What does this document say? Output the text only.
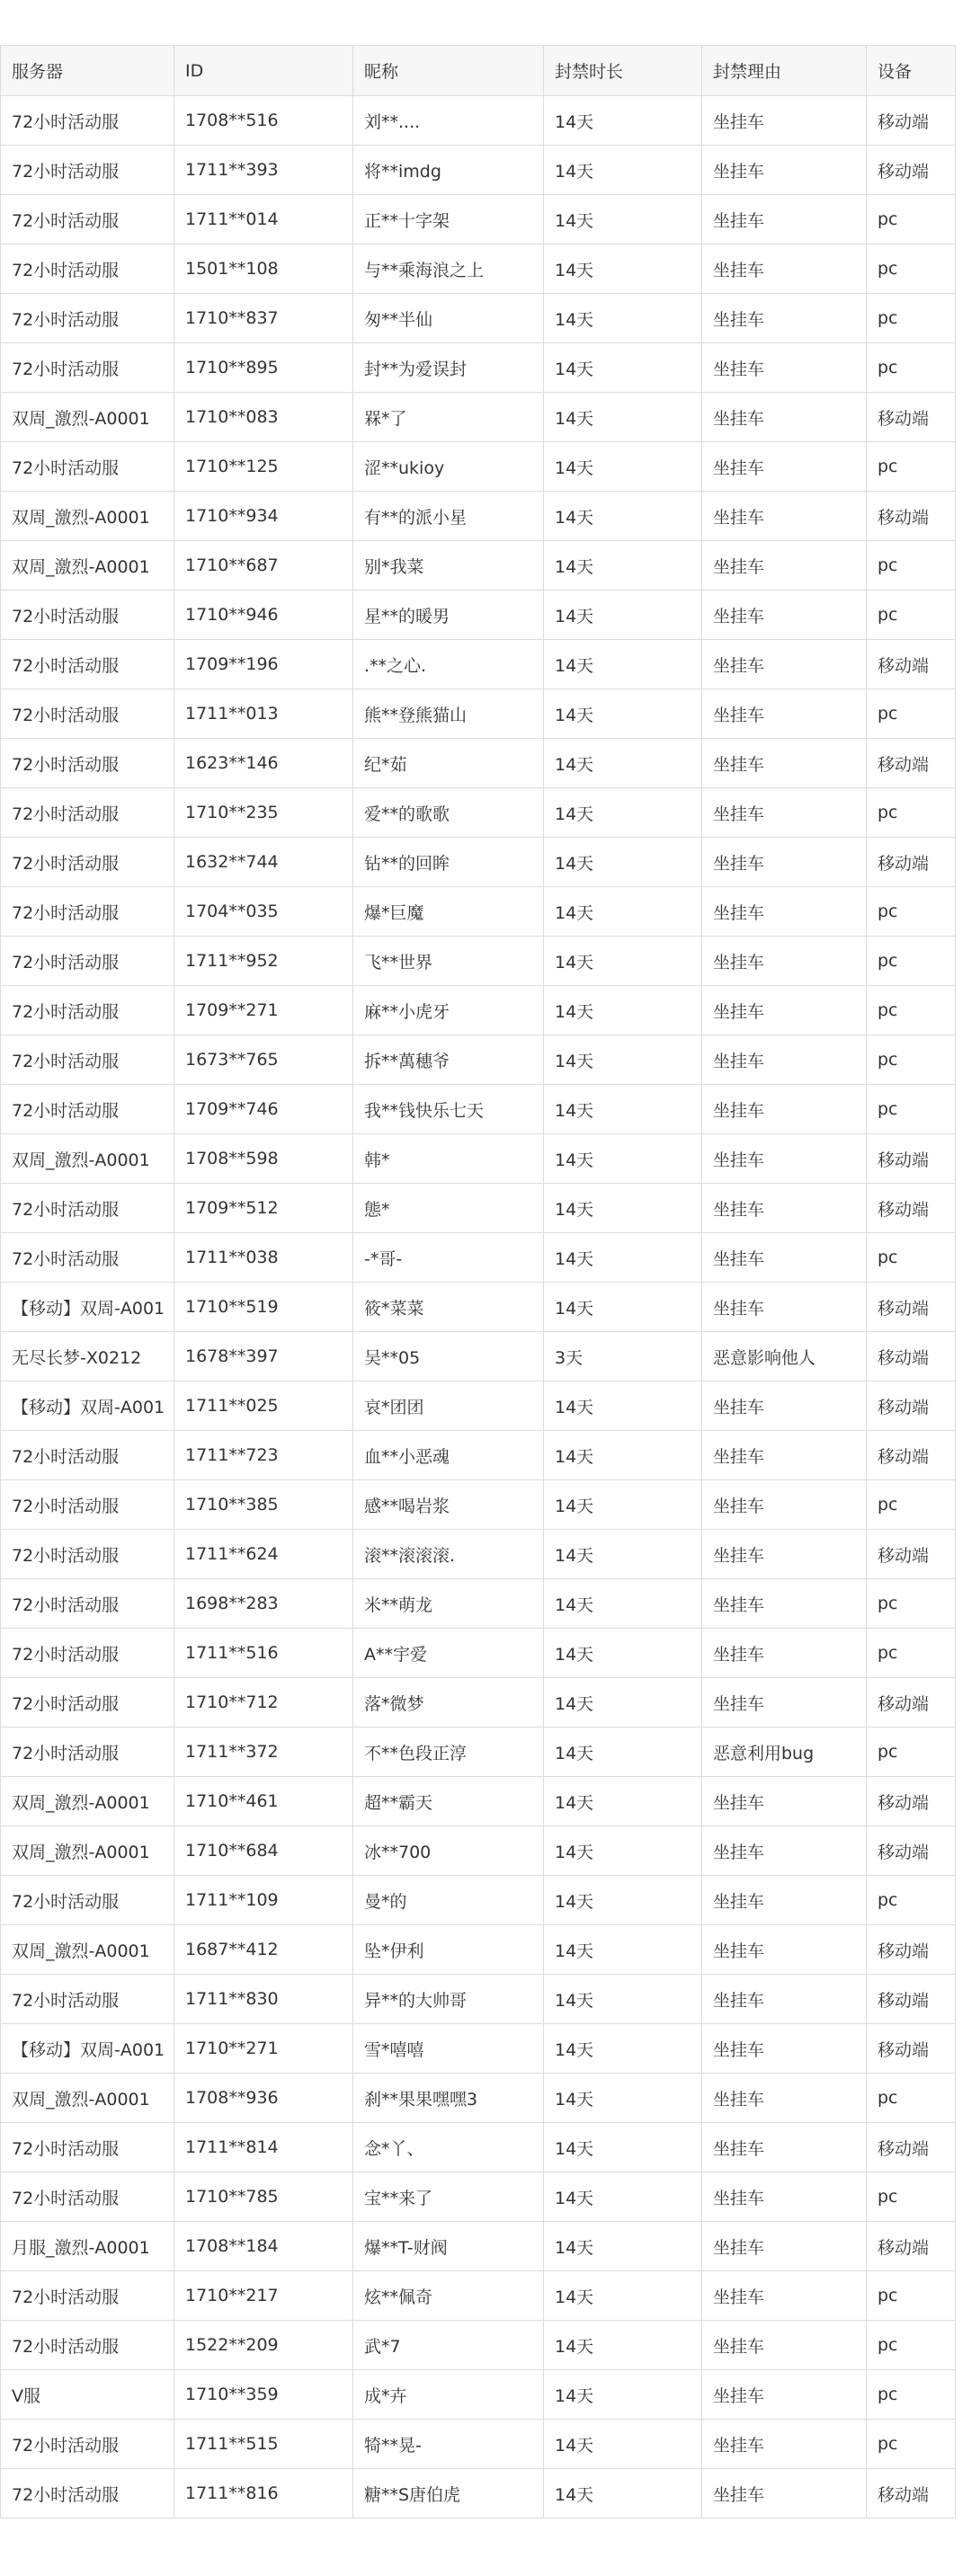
服务器	ID	昵称	封禁时长	封禁理由	设备
72小时活动服	1708**516	刘**....	14天	坐挂车	移动端
72小时活动服	1711**393	将**imdg	14天	坐挂车	移动端
72小时活动服	1711**014	正**十字架	14天	坐挂车	pc
72小时活动服	1501**108	与**乘海浪之上	14天	坐挂车	pc
72小时活动服	1710**837	匆**半仙	14天	坐挂车	pc
72小时活动服	1710**895	封**为爱误封	14天	坐挂车	pc
双周_激烈-A0001	1710**083	槑*了	14天	坐挂车	移动端
72小时活动服	1710**125	涩**ukioy	14天	坐挂车	pc
双周_激烈-A0001	1710**934	有**的派小星	14天	坐挂车	移动端
双周_激烈-A0001	1710**687	别*我菜	14天	坐挂车	pc
72小时活动服	1710**946	星**的暖男	14天	坐挂车	pc
72小时活动服	1709**196	.**之心.	14天	坐挂车	移动端
72小时活动服	1711**013	熊**登熊猫山	14天	坐挂车	pc
72小时活动服	1623**146	纪*茹	14天	坐挂车	移动端
72小时活动服	1710**235	爱**的歌歌	14天	坐挂车	pc
72小时活动服	1632**744	钻**的回眸	14天	坐挂车	移动端
72小时活动服	1704**035	爆*巨魔	14天	坐挂车	pc
72小时活动服	1711**952	飞**世界	14天	坐挂车	pc
72小时活动服	1709**271	麻**小虎牙	14天	坐挂车	pc
72小时活动服	1673**765	拆**萬穗爷	14天	坐挂车	pc
72小时活动服	1709**746	我**钱快乐七天	14天	坐挂车	pc
双周_激烈-A0001	1708**598	韩*	14天	坐挂车	移动端
72小时活动服	1709**512	態*	14天	坐挂车	移动端
72小时活动服	1711**038	-*哥-	14天	坐挂车	pc
【移动】双周-A001	1710**519	筱*菜菜	14天	坐挂车	移动端
无尽长梦-X0212	1678**397	吴**05	3天	恶意影响他人	移动端
【移动】双周-A001	1711**025	哀*团团	14天	坐挂车	移动端
72小时活动服	1711**723	血**小恶魂	14天	坐挂车	移动端
72小时活动服	1710**385	感**喝岩浆	14天	坐挂车	pc
72小时活动服	1711**624	滚**滚滚滚.	14天	坐挂车	移动端
72小时活动服	1698**283	米**萌龙	14天	坐挂车	pc
72小时活动服	1711**516	A**宇爱	14天	坐挂车	pc
72小时活动服	1710**712	落*微梦	14天	坐挂车	移动端
72小时活动服	1711**372	不**色段正淳	14天	恶意利用bug	pc
双周_激烈-A0001	1710**461	超**霸天	14天	坐挂车	移动端
双周_激烈-A0001	1710**684	冰**700	14天	坐挂车	移动端
72小时活动服	1711**109	曼*的	14天	坐挂车	pc
双周_激烈-A0001	1687**412	坠*伊利	14天	坐挂车	移动端
72小时活动服	1711**830	异**的大帅哥	14天	坐挂车	移动端
【移动】双周-A001	1710**271	雪*嘻嘻	14天	坐挂车	移动端
双周_激烈-A0001	1708**936	刹**果果嘿嘿3	14天	坐挂车	pc
72小时活动服	1711**814	念*丫、	14天	坐挂车	移动端
72小时活动服	1710**785	宝**来了	14天	坐挂车	pc
月服_激烈-A0001	1708**184	爆**T-财阀	14天	坐挂车	移动端
72小时活动服	1710**217	炫**佩奇	14天	坐挂车	pc
72小时活动服	1522**209	武*7	14天	坐挂车	pc
V服	1710**359	成*卉	14天	坐挂车	pc
72小时活动服	1711**515	犄**晃-	14天	坐挂车	pc
72小时活动服	1711**816	糖**S唐伯虎	14天	坐挂车	移动端
